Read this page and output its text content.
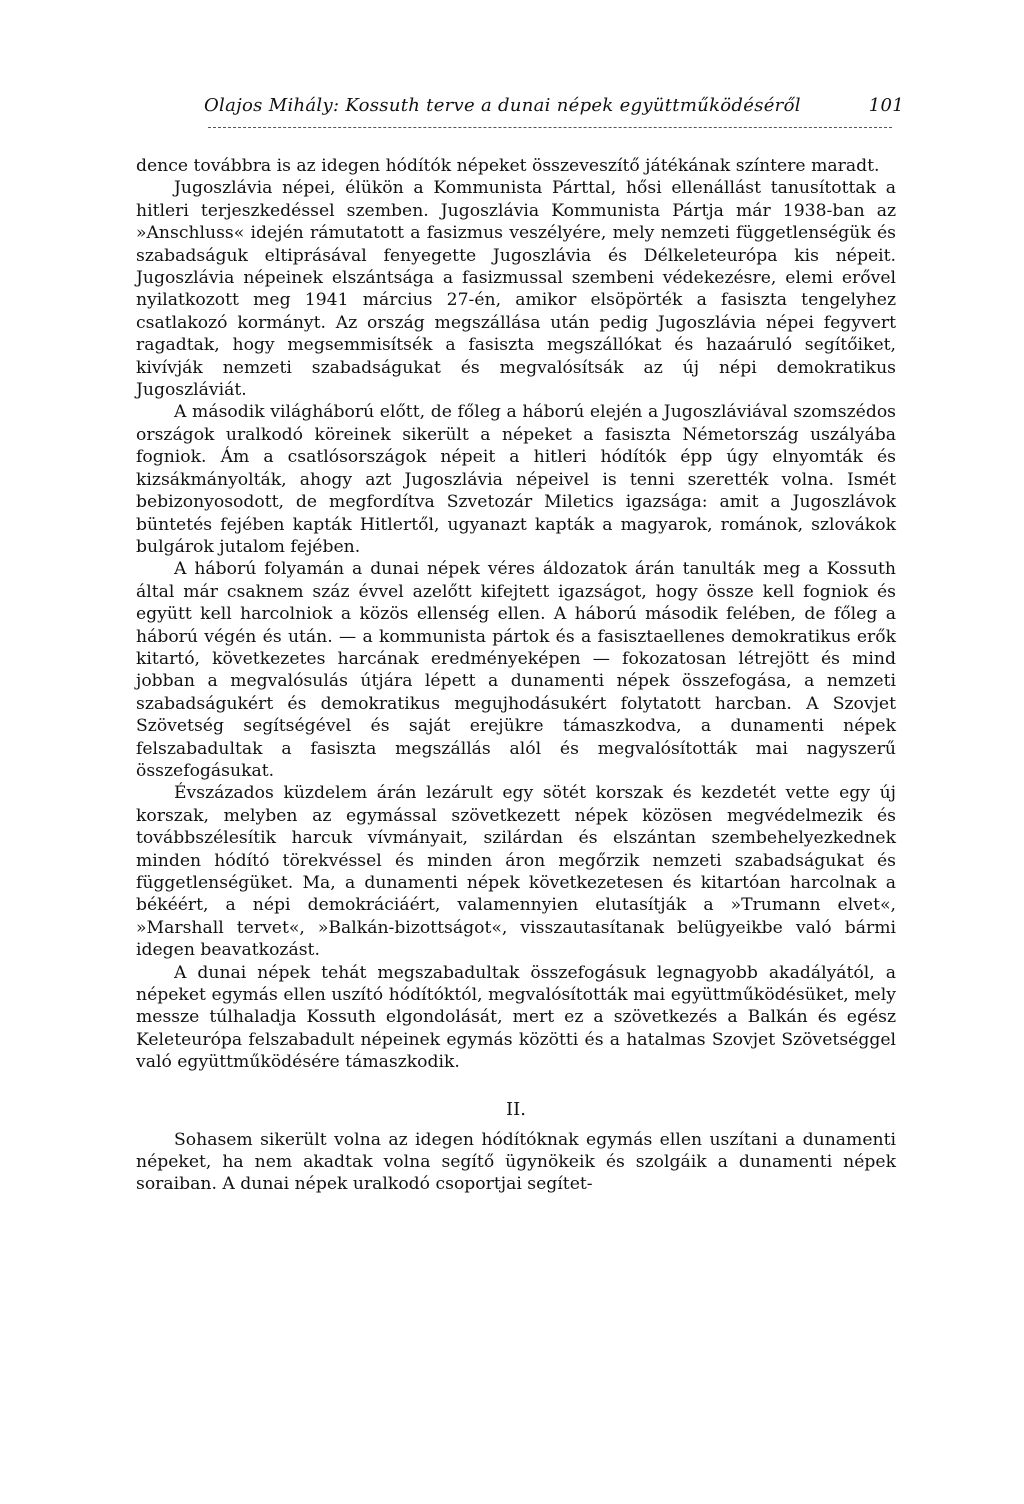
Olajos Mihály: Kossuth terve a dunai népek együttműködéséről	101

dence továbbra is az idegen hódítók népeket összeveszítő játékának színtere maradt.

Jugoszlávia népei, élükön a Kommunista Párttal, hősi ellenállást tanusítottak a hitleri terjeszkedéssel szemben. Jugoszlávia Kommunista Pártja már 1938-ban az »Anschluss« idején rámutatott a fasizmus veszélyére, mely nemzeti függetlenségük és szabadságuk eltiprásával fenyegette Jugoszlávia és Délkeleteurópa kis népeit. Jugoszlávia népeinek elszántsága a fasizmussal szembeni védekezésre, elemi erővel nyilatkozott meg 1941 március 27-én, amikor elsöpörték a fasiszta tengelyhez csatlakozó kormányt. Az ország megszállása után pedig Jugoszlávia népei fegyvert ragadtak, hogy megsemmisítsék a fasiszta megszállókat és hazaáruló segítőiket, kivívják nemzeti szabadságukat és megvalósítsák az új népi demokratikus Jugoszláviát.

A második világháború előtt, de főleg a háború elején a Jugoszláviával szomszédos országok uralkodó köreinek sikerült a népeket a fasiszta Németország uszályába fogniok. Ám a csatlósországok népeit a hitleri hódítók épp úgy elnyomták és kizsákmányolták, ahogy azt Jugoszlávia népeivel is tenni szerették volna. Ismét bebizonyosodott, de megfordítva Szvetozár Miletics igazsága: amit a Jugoszlávok büntetés fejében kapták Hitlertől, ugyanazt kapták a magyarok, románok, szlovákok bulgárok jutalom fejében.

A háború folyamán a dunai népek véres áldozatok árán tanulták meg a Kossuth által már csaknem száz évvel azelőtt kifejtett igazságot, hogy össze kell fogniok és együtt kell harcolniok a közös ellenség ellen. A háború második felében, de főleg a háború végén és után. — a kommunista pártok és a fasisztaellenes demokratikus erők kitartó, következetes harcának eredményeképen — fokozatosan létrejött és mind jobban a megvalósulás útjára lépett a dunamenti népek összefogása, a nemzeti szabadságukért és demokratikus megujhodásukért folytatott harcban. A Szovjet Szövetség segítségével és saját erejükre támaszkodva, a dunamenti népek felszabadultak a fasiszta megszállás alól és megvalósították mai nagyszerű összefogásukat.

Évszázados küzdelem árán lezárult egy sötét korszak és kezdetét vette egy új korszak, melyben az egymással szövetkezett népek közösen megvédelmezik és továbbszélesítik harcuk vívmányait, szilárdan és elszántan szembehelyezkednek minden hódító törekvéssel és minden áron megőrzik nemzeti szabadságukat és függetlenségüket. Ma, a dunamenti népek következetesen és kitartóan harcolnak a békéért, a népi demokráciáért, valamennyien elutasítják a »Trumann elvet«, »Marshall tervet«, »Balkán-bizottságot«, visszautasítanak belügyeikbe való bármi idegen beavatkozást.

A dunai népek tehát megszabadultak összefogásuk legnagyobb akadályától, a népeket egymás ellen uszító hódítóktól, megvalósították mai együttműködésüket, mely messze túlhaladja Kossuth elgondolását, mert ez a szövetkezés a Balkán és egész Keleteurópa felszabadult népeinek egymás közötti és a hatalmas Szovjet Szövetséggel való együttműködésére támaszkodik.

II.

Sohasem sikerült volna az idegen hódítóknak egymás ellen uszítani a dunamenti népeket, ha nem akadtak volna segítő ügynökeik és szolgáik a dunamenti népek soraiban. A dunai népek uralkodó csoportjai segítet-
